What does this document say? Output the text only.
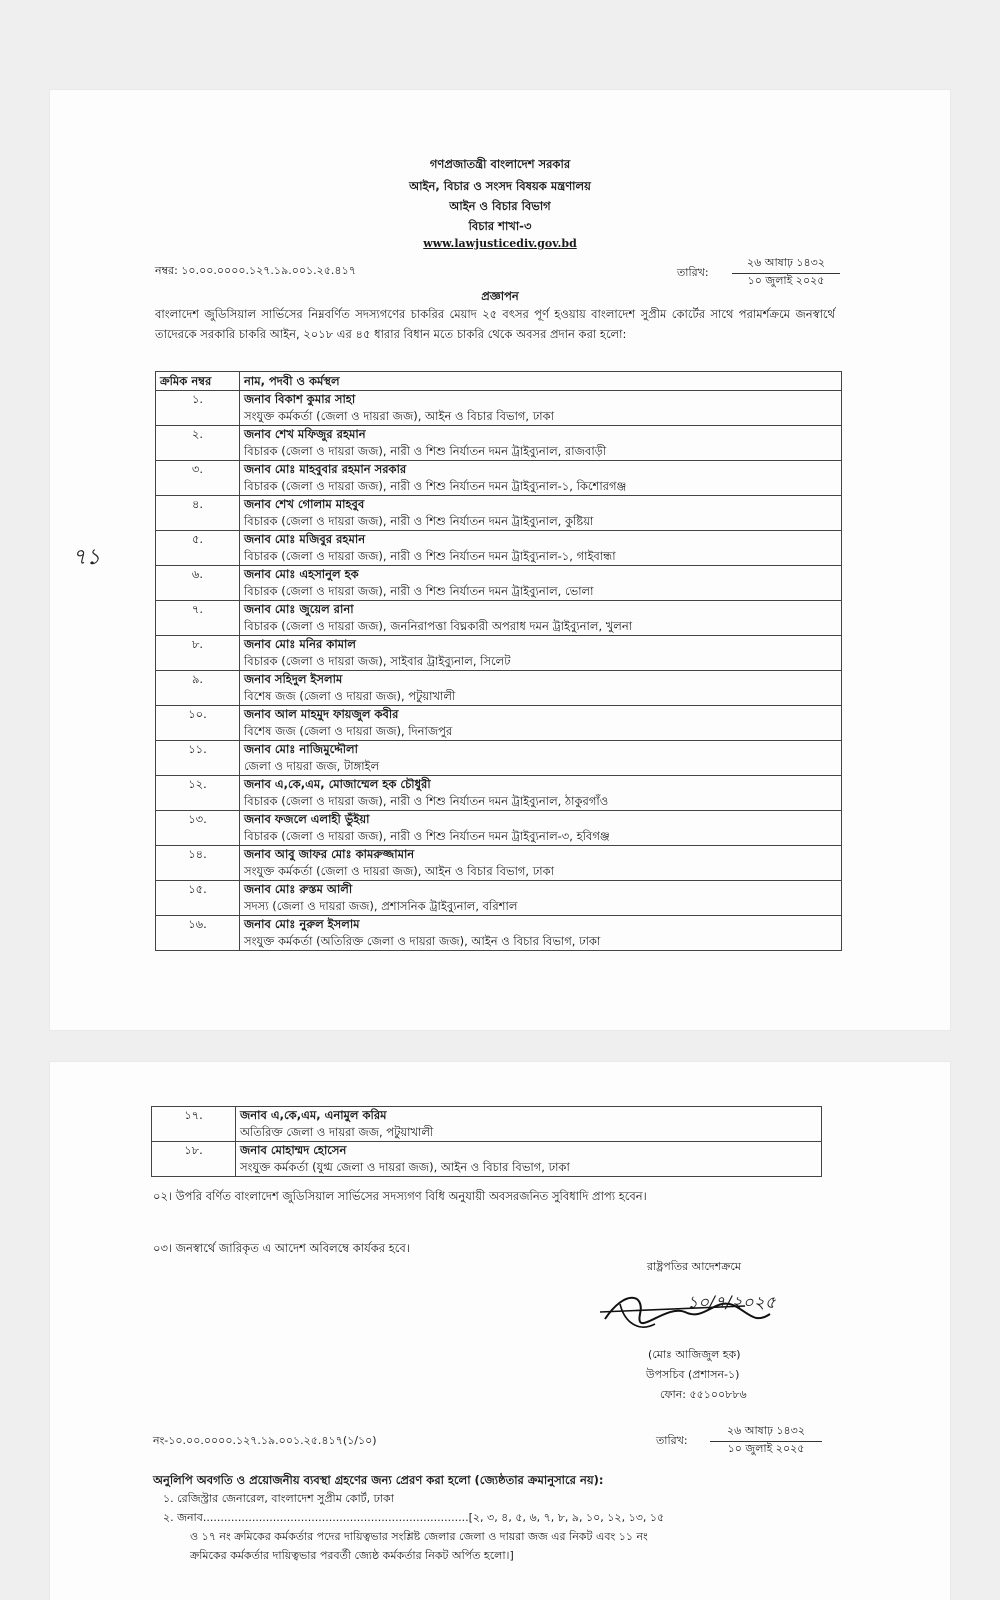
গণপ্রজাতন্ত্রী বাংলাদেশ সরকার
আইন, বিচার ও সংসদ বিষয়ক মন্ত্রণালয়
আইন ও বিচার বিভাগ
বিচার শাখা-৩
www.lawjusticediv.gov.bd
নম্বর: ১০.০০.০০০০.১২৭.১৯.০০১.২৫.৪১৭	তারিখ:
২৬ আষাঢ় ১৪৩২
১০ জুলাই ২০২৫
প্রজ্ঞাপন
বাংলাদেশ জুডিসিয়াল সার্ভিসের নিম্নবর্ণিত সদস্যগণের চাকরির মেয়াদ ২৫ বৎসর পূর্ণ হওয়ায় বাংলাদেশ সুপ্রীম কোর্টের সাথে পরামর্শক্রমে জনস্বার্থে তাদেরকে সরকারি চাকরি আইন, ২০১৮ এর ৪৫ ধারার বিধান মতে চাকরি থেকে অবসর প্রদান করা হলো:
ক্রমিক নম্বর	নাম, পদবী ও কর্মস্থল
১.	জনাব বিকাশ কুমার সাহা
সংযুক্ত কর্মকর্তা (জেলা ও দায়রা জজ), আইন ও বিচার বিভাগ, ঢাকা

২.	জনাব শেখ মফিজুর রহমান
বিচারক (জেলা ও দায়রা জজ), নারী ও শিশু নির্যাতন দমন ট্রাইব্যুনাল, রাজবাড়ী

৩.	জনাব মোঃ মাহবুবার রহমান সরকার
বিচারক (জেলা ও দায়রা জজ), নারী ও শিশু নির্যাতন দমন ট্রাইব্যুনাল-১, কিশোরগঞ্জ

৪.	জনাব শেখ গোলাম মাহবুব
বিচারক (জেলা ও দায়রা জজ), নারী ও শিশু নির্যাতন দমন ট্রাইব্যুনাল, কুষ্টিয়া

৫.	জনাব মোঃ মজিবুর রহমান
বিচারক (জেলা ও দায়রা জজ), নারী ও শিশু নির্যাতন দমন ট্রাইব্যুনাল-১, গাইবান্ধা

৬.	জনাব মোঃ এহসানুল হক
বিচারক (জেলা ও দায়রা জজ), নারী ও শিশু নির্যাতন দমন ট্রাইব্যুনাল, ভোলা

৭.	জনাব মোঃ জুয়েল রানা
বিচারক (জেলা ও দায়রা জজ), জননিরাপত্তা বিঘ্নকারী অপরাধ দমন ট্রাইব্যুনাল, খুলনা

৮.	জনাব মোঃ মনির কামাল
বিচারক (জেলা ও দায়রা জজ), সাইবার ট্রাইব্যুনাল, সিলেট

৯.	জনাব সহিদুল ইসলাম
বিশেষ জজ (জেলা ও দায়রা জজ), পটুয়াখালী

১০.	জনাব আল মাহমুদ ফায়জুল কবীর
বিশেষ জজ (জেলা ও দায়রা জজ), দিনাজপুর

১১.	জনাব মোঃ নাজিমুদ্দৌলা
জেলা ও দায়রা জজ, টাঙ্গাইল

১২.	জনাব এ,কে,এম, মোজাম্মেল হক চৌধুরী
বিচারক (জেলা ও দায়রা জজ), নারী ও শিশু নির্যাতন দমন ট্রাইব্যুনাল, ঠাকুরগাঁও

১৩.	জনাব ফজলে এলাহী ভুঁইয়া
বিচারক (জেলা ও দায়রা জজ), নারী ও শিশু নির্যাতন দমন ট্রাইব্যুনাল-৩, হবিগঞ্জ

১৪.	জনাব আবু জাফর মোঃ কামরুজ্জামান
সংযুক্ত কর্মকর্তা (জেলা ও দায়রা জজ), আইন ও বিচার বিভাগ, ঢাকা

১৫.	জনাব মোঃ রুস্তম আলী
সদস্য (জেলা ও দায়রা জজ), প্রশাসনিক ট্রাইব্যুনাল, বরিশাল

১৬.	জনাব মোঃ নুরুল ইসলাম
সংযুক্ত কর্মকর্তা (অতিরিক্ত জেলা ও দায়রা জজ), আইন ও বিচার বিভাগ, ঢাকা
৭১
১৭.	জনাব এ,কে,এম, এনামুল করিম
অতিরিক্ত জেলা ও দায়রা জজ, পটুয়াখালী

১৮.	জনাব মোহাম্মদ হোসেন
সংযুক্ত কর্মকর্তা (যুগ্ম জেলা ও দায়রা জজ), আইন ও বিচার বিভাগ, ঢাকা
০২। উপরি বর্ণিত বাংলাদেশ জুডিসিয়াল সার্ভিসের সদস্যগণ বিধি অনুযায়ী অবসরজনিত সুবিধাদি প্রাপ্য হবেন।
০৩। জনস্বার্থে জারিকৃত এ আদেশ অবিলম্বে কার্যকর হবে।
রাষ্ট্রপতির আদেশক্রমে
১০/৭/২০২৫
(মোঃ আজিজুল হক)
উপসচিব (প্রশাসন-১)
ফোন: ৫৫১০০৮৮৬
নং-১০.০০.০০০০.১২৭.১৯.০০১.২৫.৪১৭(১/১০)	তারিখ:
২৬ আষাঢ় ১৪৩২
১০ জুলাই ২০২৫
অনুলিপি অবগতি ও প্রয়োজনীয় ব্যবস্থা গ্রহণের জন্য প্রেরণ করা হলো (জ্যেষ্ঠতার ক্রমানুসারে নয়):
১. রেজিস্ট্রার জেনারেল, বাংলাদেশ সুপ্রীম কোর্ট, ঢাকা
২. জনাব............................................................................[২, ৩, ৪, ৫, ৬, ৭, ৮, ৯, ১০, ১২, ১৩, ১৫
ও ১৭ নং ক্রমিকের কর্মকর্তার পদের দায়িত্বভার সংশ্লিষ্ট জেলার জেলা ও দায়রা জজ এর নিকট এবং ১১ নং
ক্রমিকের কর্মকর্তার দায়িত্বভার পরবর্তী জ্যেষ্ঠ কর্মকর্তার নিকট অর্পিত হলো।]
